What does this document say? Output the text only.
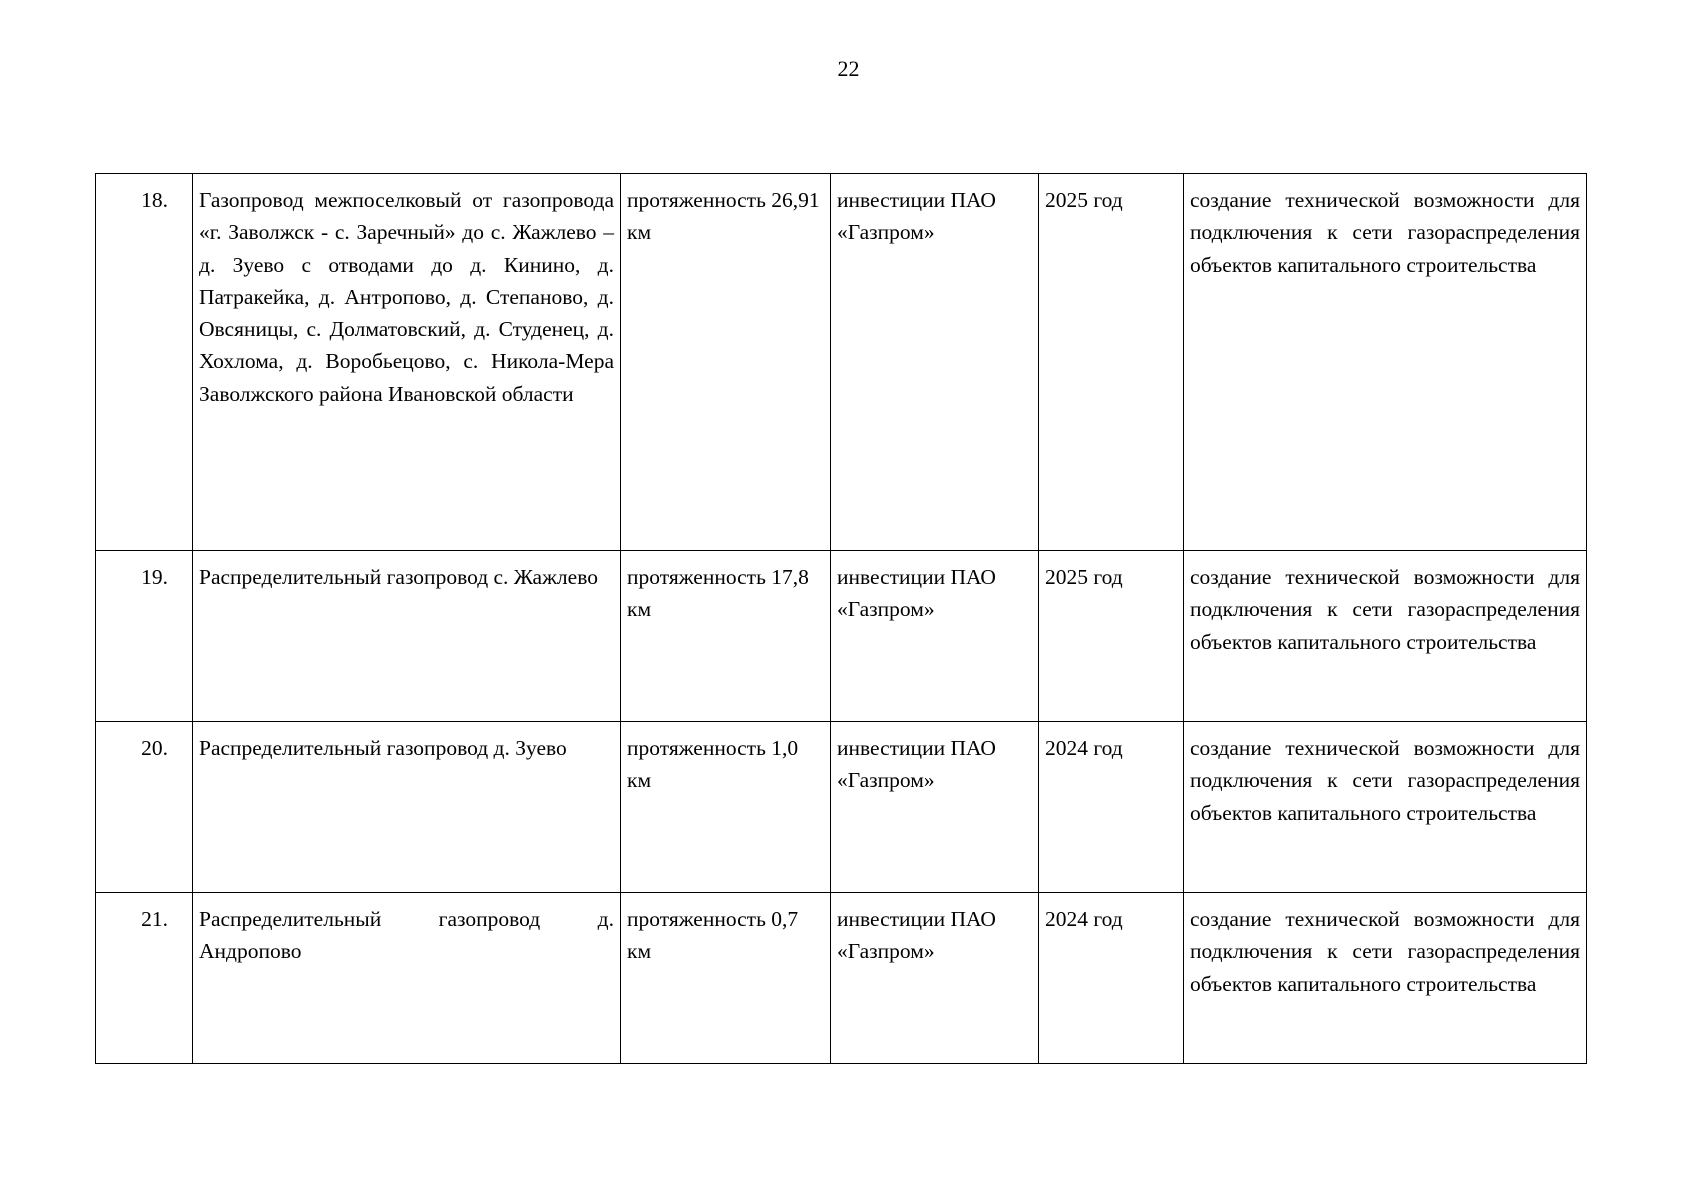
22
18.	Газопровод межпоселковый от газопровода «г. Заволжск - с. Заречный» до с. Жажлево – д. Зуево с отводами до д. Кинино, д. Патракейка, д. Антропово, д. Степаново, д. Овсяницы, с. Долматовский, д. Студенец, д. Хохлома, д. Воробьецово, с. Никола-Мера Заволжского района Ивановской области	протяженность 26,91 км	инвестиции ПАО «Газпром»	2025 год	создание технической возможности для подключения к сети газораспределения объектов капитального строительства
19.	Распределительный газопровод с. Жажлево	протяженность 17,8 км	инвестиции ПАО «Газпром»	2025 год	создание технической возможности для подключения к сети газораспределения объектов капитального строительства
20.	Распределительный газопровод д. Зуево	протяженность 1,0 км	инвестиции ПАО «Газпром»	2024 год	создание технической возможности для подключения к сети газораспределения объектов капитального строительства
21.	Распределительный газопровод д. Андропово	протяженность 0,7 км	инвестиции ПАО «Газпром»	2024 год	создание технической возможности для подключения к сети газораспределения объектов капитального строительства
